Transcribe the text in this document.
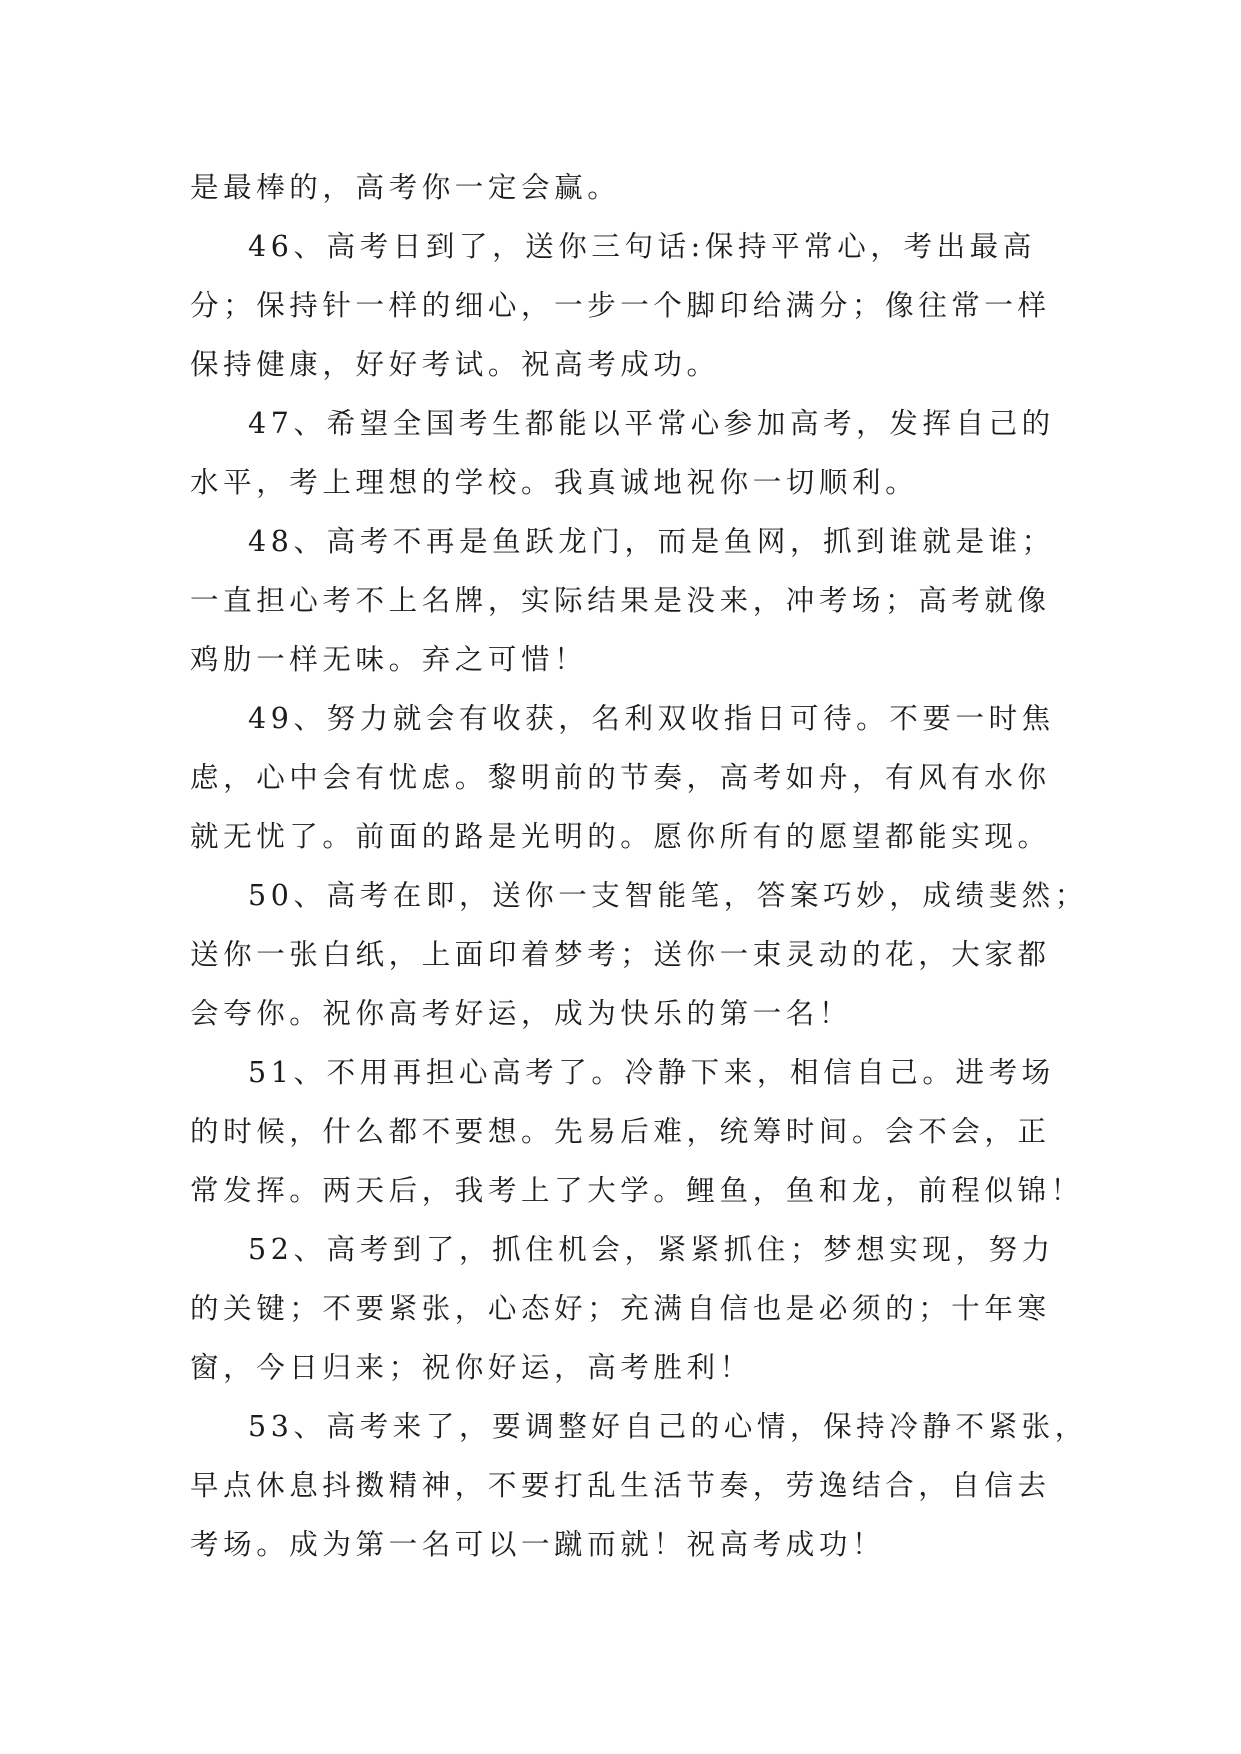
是最棒的，高考你一定会赢。

46、高考日到了，送你三句话:保持平常心，考出最高
分；保持针一样的细心，一步一个脚印给满分；像往常一样
保持健康，好好考试。祝高考成功。

47、希望全国考生都能以平常心参加高考，发挥自己的
水平，考上理想的学校。我真诚地祝你一切顺利。

48、高考不再是鱼跃龙门，而是鱼网，抓到谁就是谁；
一直担心考不上名牌，实际结果是没来，冲考场；高考就像
鸡肋一样无味。弃之可惜！

49、努力就会有收获，名利双收指日可待。不要一时焦
虑，心中会有忧虑。黎明前的节奏，高考如舟，有风有水你
就无忧了。前面的路是光明的。愿你所有的愿望都能实现。

50、高考在即，送你一支智能笔，答案巧妙，成绩斐然；
送你一张白纸，上面印着梦考；送你一束灵动的花，大家都
会夸你。祝你高考好运，成为快乐的第一名！

51、不用再担心高考了。冷静下来，相信自己。进考场
的时候，什么都不要想。先易后难，统筹时间。会不会，正
常发挥。两天后，我考上了大学。鲤鱼，鱼和龙，前程似锦！

52、高考到了，抓住机会，紧紧抓住；梦想实现，努力
的关键；不要紧张，心态好；充满自信也是必须的；十年寒
窗，今日归来；祝你好运，高考胜利！

53、高考来了，要调整好自己的心情，保持冷静不紧张，
早点休息抖擞精神，不要打乱生活节奏，劳逸结合，自信去
考场。成为第一名可以一蹴而就！祝高考成功！
